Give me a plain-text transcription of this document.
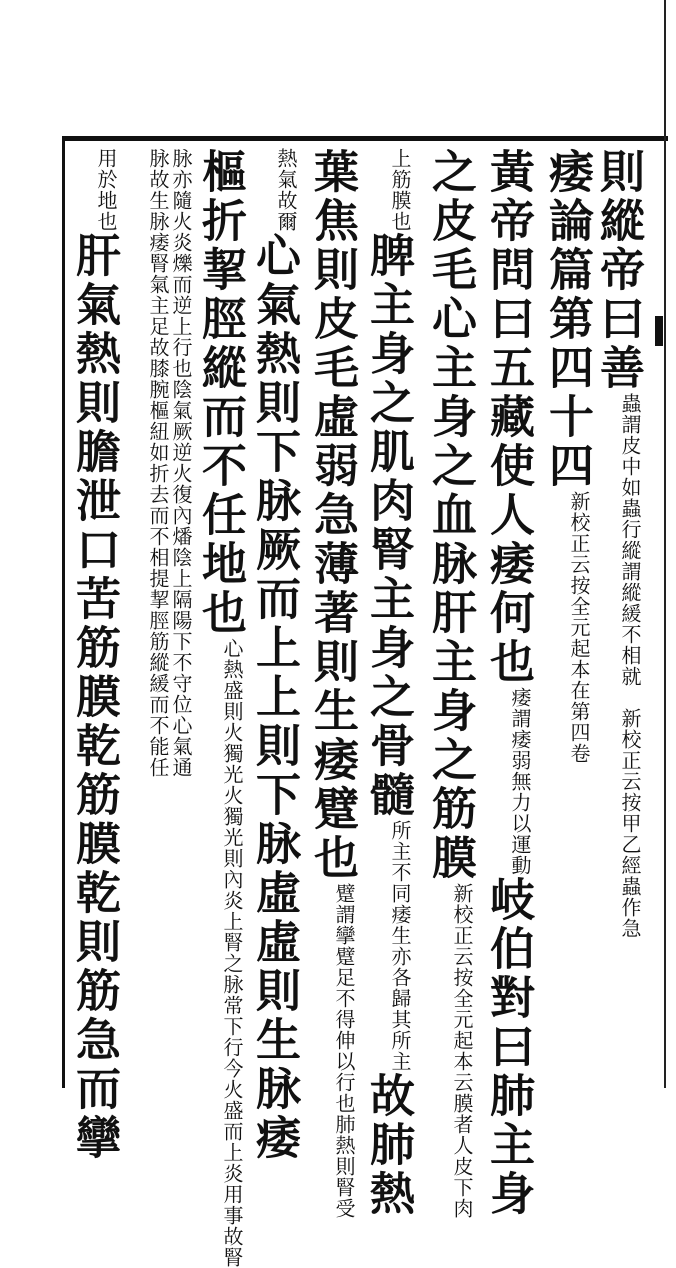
則縱帝曰善蟲謂皮中如蟲行縱謂縱緩不相就　新校正云按甲乙經蟲作急
痿論篇第四十四新校正云按全元起本在第四卷
黃帝問曰五藏使人痿何也痿謂痿弱無力以運動岐伯對曰肺主身
之皮毛心主身之血脉肝主身之筋膜新校正云按全元起本云膜者人皮下肉
上筋膜也脾主身之肌肉腎主身之骨髓所主不同痿生亦各歸其所主故肺熱
葉焦則皮毛虛弱急薄著則生痿躄也躄謂攣躄足不得伸以行也肺熱則腎受
熱氣故爾心氣熱則下脉厥而上上則下脉虛虛則生脉痿
樞折挈脛縱而不任地也心熱盛則火獨光火獨光則內炎上腎之脉常下行今火盛而上炎用事故腎
脉亦隨火炎爍而逆上行也陰氣厥逆火復內燔陰上隔陽下不守位心氣通
脉故生脉痿腎氣主足故膝腕樞紐如折去而不相提挈脛筋縱緩而不能任
用於地也肝氣熱則膽泄口苦筋膜乾筋膜乾則筋急而攣
